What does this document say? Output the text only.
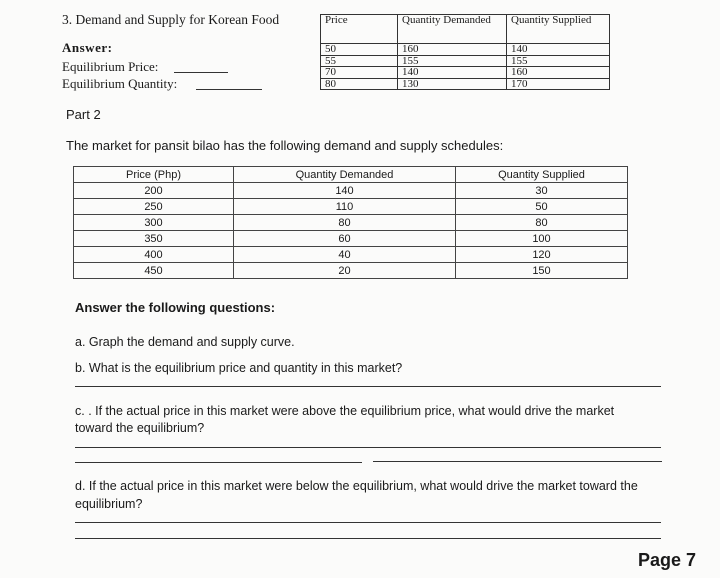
3. Demand and Supply for Korean Food
Answer:
Equilibrium Price:
Equilibrium Quantity:
Price	Quantity Demanded	Quantity Supplied
50	160	140
55	155	155
70	140	160
80	130	170
Part 2
The market for pansit bilao has the following demand and supply schedules:
Price (Php)	Quantity Demanded	Quantity Supplied
200	140	30
250	110	50
300	80	80
350	60	100
400	40	120
450	20	150
Answer the following questions:
a. Graph the demand and supply curve.
b. What is the equilibrium price and quantity in this market?
c. . If the actual price in this market were above the equilibrium price, what would drive the market
toward the equilibrium?
d. If the actual price in this market were below the equilibrium, what would drive the market toward the
equilibrium?
Page 7
